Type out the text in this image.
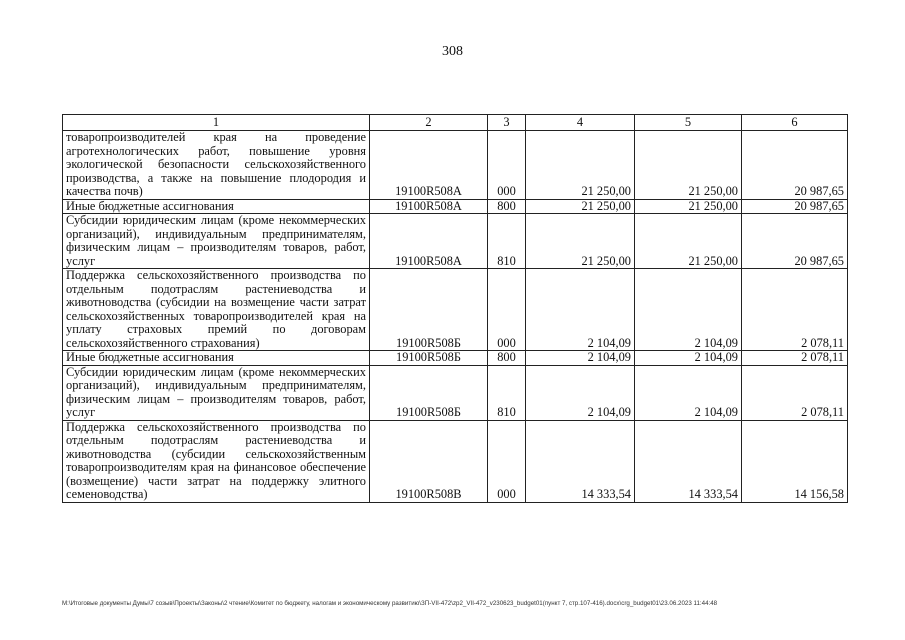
308
1	2	3	4	5	6
товаропроизводителей края на проведение агротехнологических работ, повышение уровня экологической безопасности сельскохозяйственного производства, а также на повышение плодородия и качества почв)	19100R508A	000	21 250,00	21 250,00	20 987,65
Иные бюджетные ассигнования	19100R508A	800	21 250,00	21 250,00	20 987,65
Субсидии юридическим лицам (кроме некоммерческих организаций), индивидуальным предпринимателям, физическим лицам – производителям товаров, работ, услуг	19100R508A	810	21 250,00	21 250,00	20 987,65
Поддержка сельскохозяйственного производства по отдельным подотраслям растениеводства и животноводства (субсидии на возмещение части затрат сельскохозяйственных товаропроизводителей края на уплату страховых премий по договорам сельскохозяйственного страхования)	19100R508Б	000	2 104,09	2 104,09	2 078,11
Иные бюджетные ассигнования	19100R508Б	800	2 104,09	2 104,09	2 078,11
Субсидии юридическим лицам (кроме некоммерческих организаций), индивидуальным предпринимателям, физическим лицам – производителям товаров, работ, услуг	19100R508Б	810	2 104,09	2 104,09	2 078,11
Поддержка сельскохозяйственного производства по отдельным подотраслям растениеводства и животноводства (субсидии сельскохозяйственным товаропроизводителям края на финансовое обеспечение (возмещение) части затрат на поддержку элитного семеноводства)	19100R508В	000	14 333,54	14 333,54	14 156,58
M:\Итоговые документы Думы\7 созыв\Проекты\Законы\2 чтение\Комитет по бюджету, налогам и экономическому развитию\ЗП-VII-472\zp2_VII-472_v230623_budget01(пункт 7, стр.107-416).docx\crg_budget01\23.06.2023 11:44:48
